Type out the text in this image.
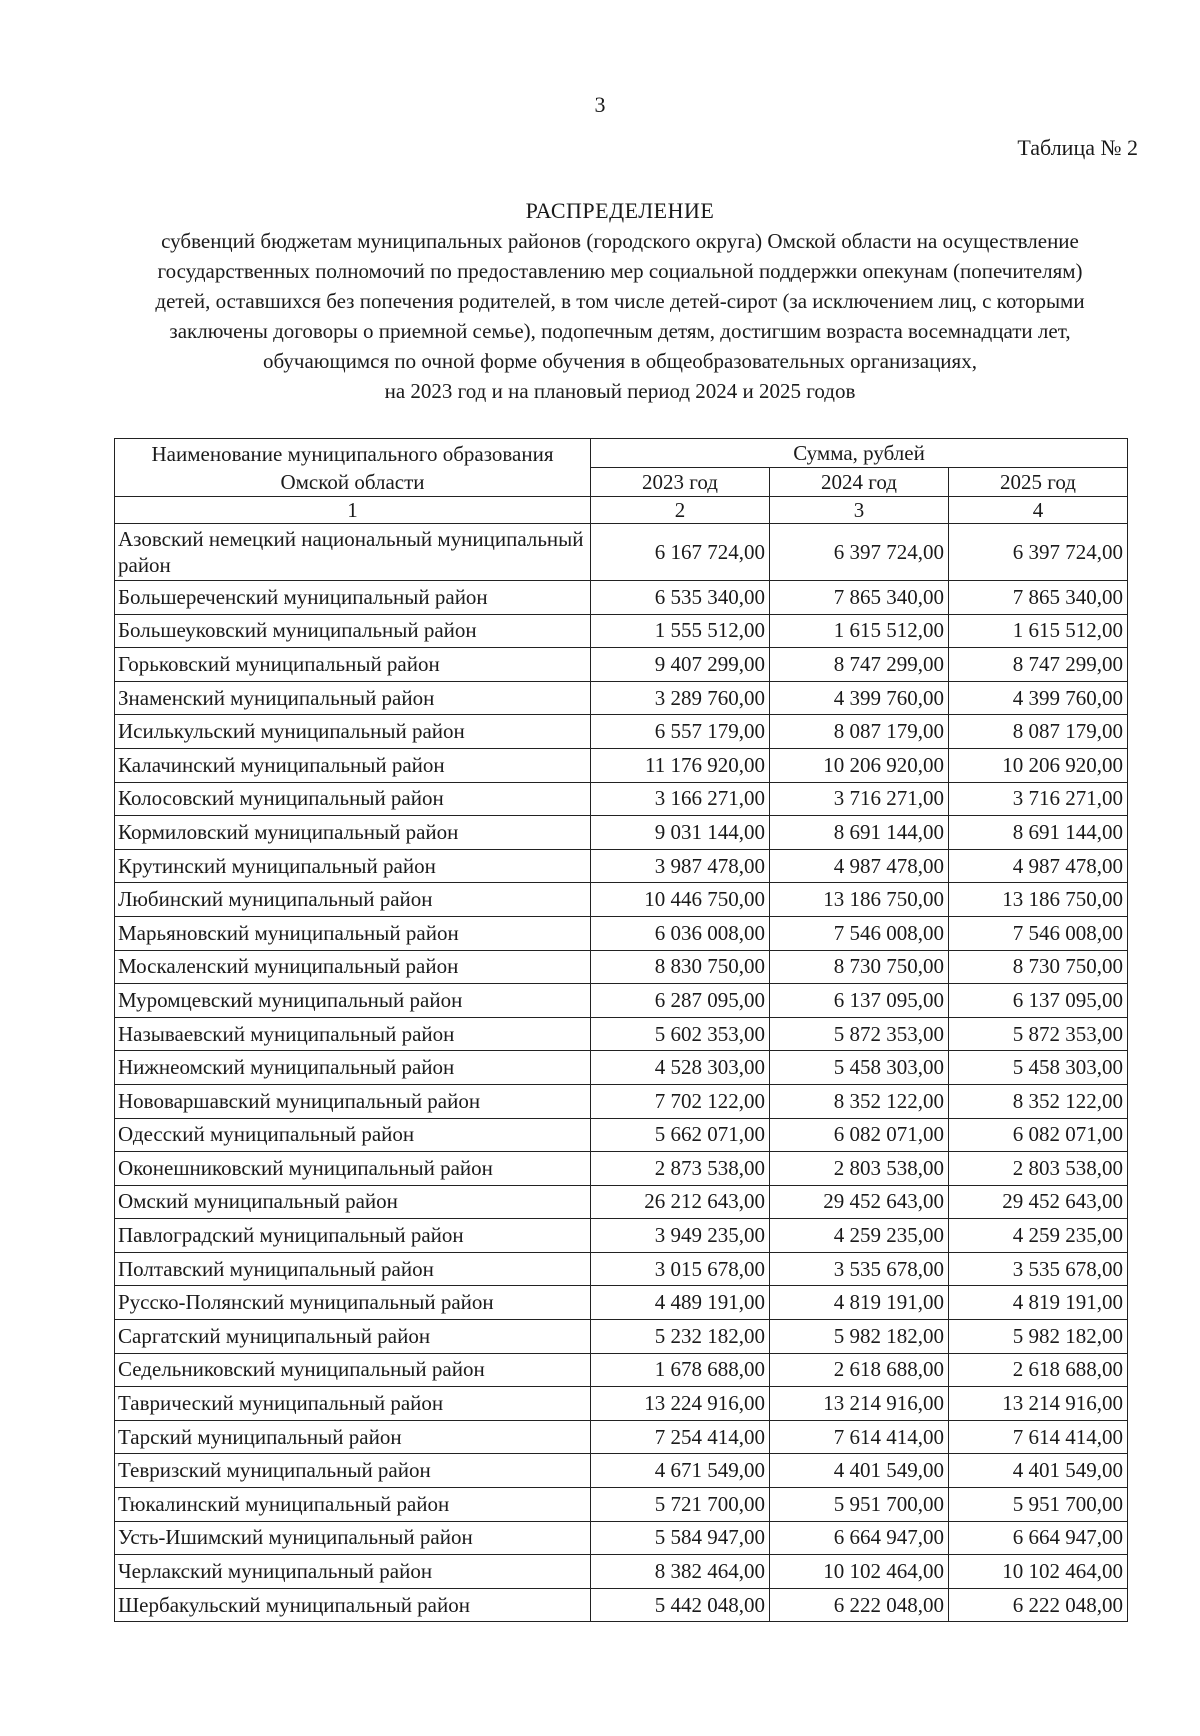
3
Таблица № 2
РАСПРЕДЕЛЕНИЕ
субвенций бюджетам муниципальных районов (городского округа) Омской области на осуществление
государственных полномочий по предоставлению мер социальной поддержки опекунам (попечителям)
детей, оставшихся без попечения родителей, в том числе детей-сирот (за исключением лиц, с которыми
заключены договоры о приемной семье), подопечным детям, достигшим возраста восемнадцати лет,
обучающимся по очной форме обучения в общеобразовательных организациях,
на 2023 год и на плановый период 2024 и 2025 годов
Наименование муниципального образования Омской области	Сумма, рублей		
	2023 год	2024 год	2025 год
1	2	3	4
Азовский немецкий национальный муниципальный район	6 167 724,00	6 397 724,00	6 397 724,00
Большереченский муниципальный район	6 535 340,00	7 865 340,00	7 865 340,00
Большеуковский муниципальный район	1 555 512,00	1 615 512,00	1 615 512,00
Горьковский муниципальный район	9 407 299,00	8 747 299,00	8 747 299,00
Знаменский муниципальный район	3 289 760,00	4 399 760,00	4 399 760,00
Исилькульский муниципальный район	6 557 179,00	8 087 179,00	8 087 179,00
Калачинский муниципальный район	11 176 920,00	10 206 920,00	10 206 920,00
Колосовский муниципальный район	3 166 271,00	3 716 271,00	3 716 271,00
Кормиловский муниципальный район	9 031 144,00	8 691 144,00	8 691 144,00
Крутинский муниципальный район	3 987 478,00	4 987 478,00	4 987 478,00
Любинский муниципальный район	10 446 750,00	13 186 750,00	13 186 750,00
Марьяновский муниципальный район	6 036 008,00	7 546 008,00	7 546 008,00
Москаленский муниципальный район	8 830 750,00	8 730 750,00	8 730 750,00
Муромцевский муниципальный район	6 287 095,00	6 137 095,00	6 137 095,00
Называевский муниципальный район	5 602 353,00	5 872 353,00	5 872 353,00
Нижнеомский муниципальный район	4 528 303,00	5 458 303,00	5 458 303,00
Нововаршавский муниципальный район	7 702 122,00	8 352 122,00	8 352 122,00
Одесский муниципальный район	5 662 071,00	6 082 071,00	6 082 071,00
Оконешниковский муниципальный район	2 873 538,00	2 803 538,00	2 803 538,00
Омский муниципальный район	26 212 643,00	29 452 643,00	29 452 643,00
Павлоградский муниципальный район	3 949 235,00	4 259 235,00	4 259 235,00
Полтавский муниципальный район	3 015 678,00	3 535 678,00	3 535 678,00
Русско-Полянский муниципальный район	4 489 191,00	4 819 191,00	4 819 191,00
Саргатский муниципальный район	5 232 182,00	5 982 182,00	5 982 182,00
Седельниковский муниципальный район	1 678 688,00	2 618 688,00	2 618 688,00
Таврический муниципальный район	13 224 916,00	13 214 916,00	13 214 916,00
Тарский муниципальный район	7 254 414,00	7 614 414,00	7 614 414,00
Тевризский муниципальный район	4 671 549,00	4 401 549,00	4 401 549,00
Тюкалинский муниципальный район	5 721 700,00	5 951 700,00	5 951 700,00
Усть-Ишимский муниципальный район	5 584 947,00	6 664 947,00	6 664 947,00
Черлакский муниципальный район	8 382 464,00	10 102 464,00	10 102 464,00
Шербакульский муниципальный район	5 442 048,00	6 222 048,00	6 222 048,00
